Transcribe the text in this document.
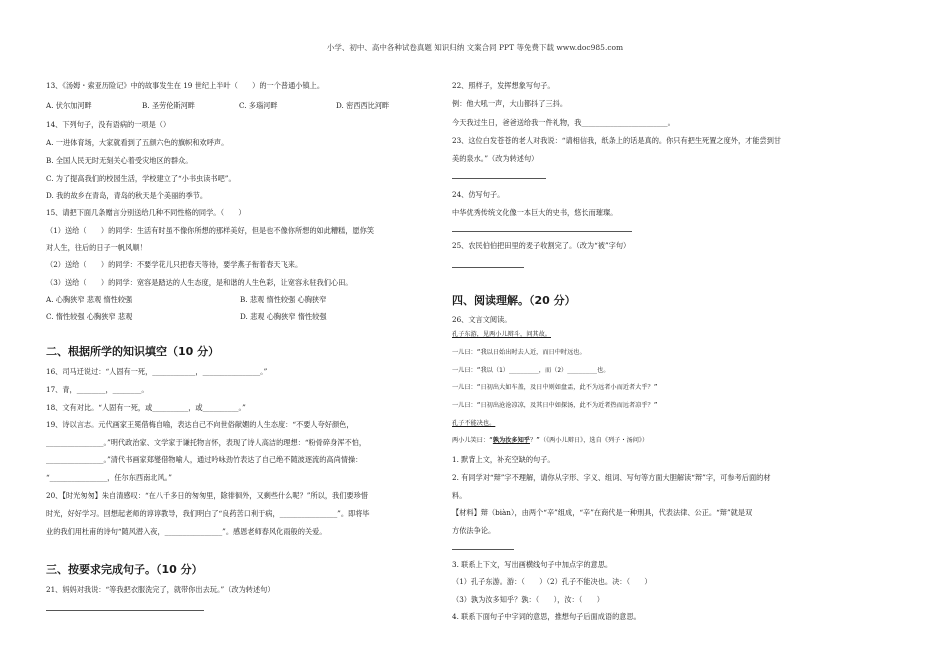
小学、初中、高中各种试卷真题 知识归纳 文案合同 PPT 等免费下载 www.doc985.com
13、《汤姆・索亚历险记》中的故事发生在 19 世纪上半叶（　　）的一个普通小镇上。
A. 伏尔加河畔	B. 圣劳伦斯河畔	C. 多瑙河畔	D. 密西西比河畔
14、下列句子，没有语病的一项是（）
A. 一进体育场，大家就看到了五颜六色的旗帜和欢呼声。
B. 全国人民无时无刻关心着受灾地区的群众。
C. 为了提高我们的校园生活，学校建立了“小书虫读书吧”。
D. 我的故乡在青岛，青岛的秋天是个美丽的季节。
15、请把下面几条赠言分别送给几种不同性格的同学。（　　）
（1）送给（　　）的同学：生活有时虽不像你所想的那样美好，但是也不像你所想的如此糟糕，愿你笑
对人生，往后的日子一帆风顺！
（2）送给（　　）的同学：不要学花儿只把春天等待，要学燕子衔着春天飞来。
（3）送给（　　）的同学：宽容是踏达的人生态度，是和谐的人生色彩，让宽容永驻我们心田。
A. 心胸狭窄 悲观 惰性较强	B. 悲观 惰性较强 心胸狭窄
C. 惰性较强 心胸狭窄 悲观	D. 悲观 心胸狭窄 惰性较强
二、根据所学的知识填空（10 分）
16、司马迁说过：“人固有一死，____________，________________。”
17、青，________，________。
18、文有对比。“人固有一死，或__________，或__________。”
19、诗以言志。元代画家王冕借梅自喻，表达自己不向世俗献媚的人生态度：“不要人夸好颜色，
________________。”明代政治家、文学家于谦托物言怀，表现了诗人高洁的理想：“粉骨碎身浑不怕，
________________。”清代书画家郑燮借物喻人，通过吟咏劲竹表达了自己绝不随波逐流的高尚情操：
“________________，任尔东西南北风。”
20、【时光匆匆】朱自清感叹：“在八千多日的匆匆里，除徘徊外，又剩些什么呢？”所以，我们要珍惜
时光，好好学习。回想起老师的谆谆教导，我们明白了“良药苦口利于病，________________”。即将毕
业的我们用杜甫的诗句“随风潜入夜，________________”。感恩老师春风化雨般的关爱。
三、按要求完成句子。（10 分）
21、妈妈对我说：“等我把衣服洗完了，就带你出去玩。”（改为转述句）
22、照样子，发挥想象写句子。
例：他大吼一声，大山都抖了三抖。
今天我过生日，爸爸送给我一件礼物，我________________________。
23、这位白发苍苍的老人对我说：“请相信我，纸条上的话是真的。你只有把生死置之度外，才能尝到甘
美的泉水。”（改为转述句）
24、仿写句子。
中华优秀传统文化像一本巨大的史书，悠长而璀璨。
25、农民伯伯把田里的麦子收割完了。（改为“被”字句）
四、阅读理解。（20 分）
26、文言文阅读。
孔子东游，见两小儿辩斗，问其故。
一儿曰：“我以日始出时去人近，而日中时远也。
一儿曰：“我以（1）________，而（2）________也。
一儿曰：“日初出大如车盖，及日中则如盘盂，此不为远者小而近者大乎？”
一儿曰：“日初出沧沧凉凉，及其日中如探汤，此不为近者热而远者凉乎？”
孔子不能决也。
两小儿笑曰：“孰为汝多知乎？”（《两小儿辩日》，选自《列子・汤问》）
1. 默背上文，补充空缺的句子。
2. 有同学对“辩”字不理解，请你从字形、字义、组词、写句等方面大胆解读“辩”字，可参考后面的材
料。
【材料】辩（biàn），由两个“辛”组成，“辛”在商代是一种刑具，代表法律、公正。“辩”就是双
方依法争论。
3. 联系上下文，写出画横线句子中加点字的意思。
（1）孔子东游。游：（　　）（2）孔子不能决也。决：（　　）
（3）孰为汝多知乎？孰：（　　），汝：（　　）
4. 联系下面句子中字词的意思，推想句子后面成语的意思。
